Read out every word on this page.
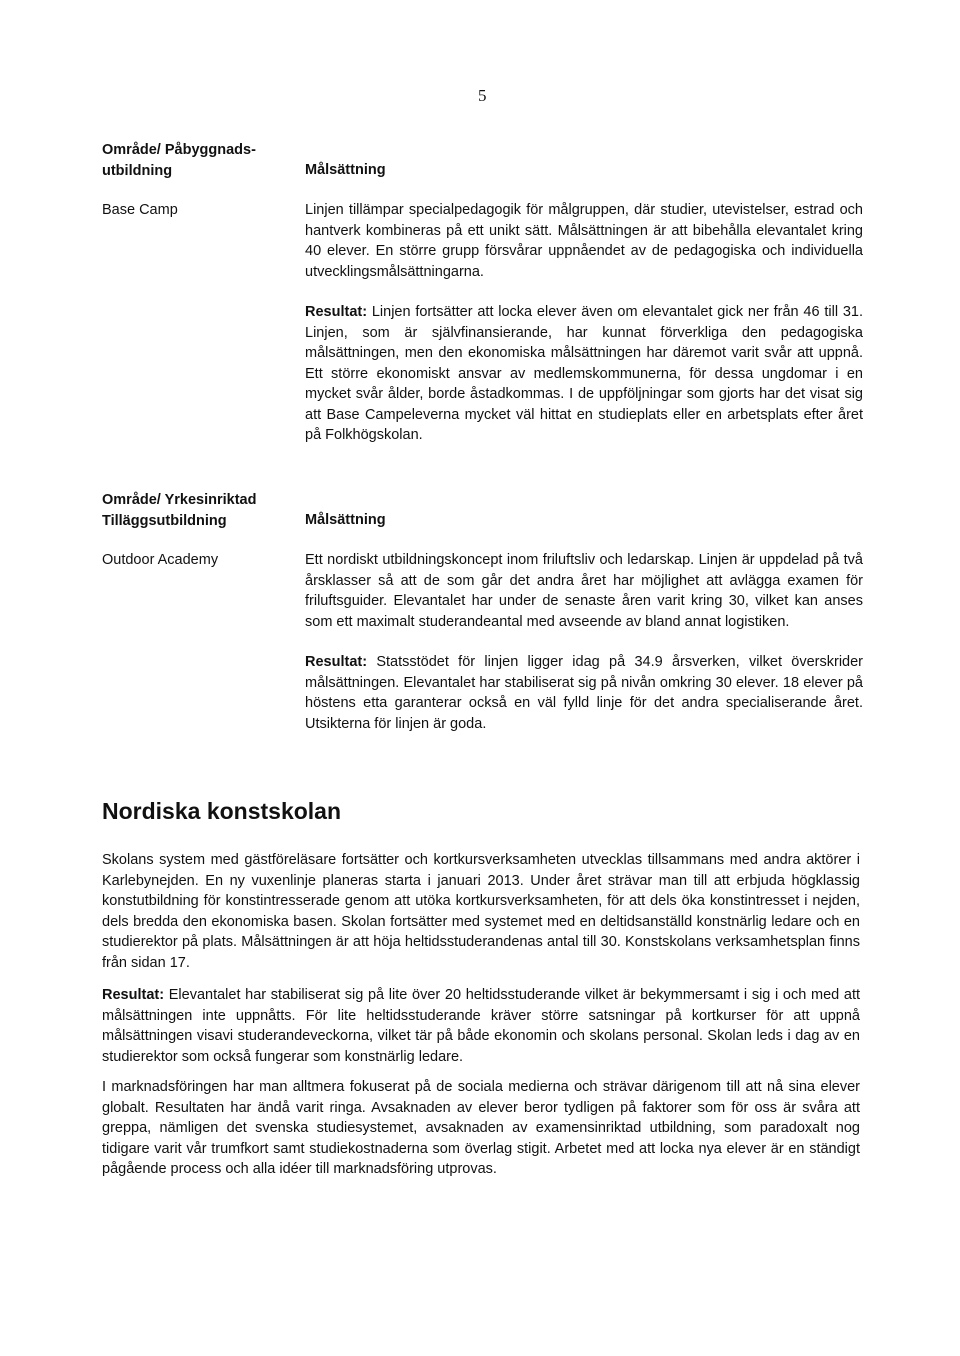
5
Område/ Påbyggnads-utbildning	Målsättning
Base Camp	Linjen tillämpar specialpedagogik för målgruppen, där studier, utevistelser, estrad och hantverk kombineras på ett unikt sätt. Målsättningen är att bibehålla elevantalet kring 40 elever. En större grupp försvårar uppnåendet av de pedagogiska och individuella utvecklingsmålsättningarna.

Resultat: Linjen fortsätter att locka elever även om elevantalet gick ner från 46 till 31. Linjen, som är självfinansierande, har kunnat förverkliga den pedagogiska målsättningen, men den ekonomiska målsättningen har däremot varit svår att uppnå. Ett större ekonomiskt ansvar av medlemskommunerna, för dessa ungdomar i en mycket svår ålder, borde åstadkommas. I de uppföljningar som gjorts har det visat sig att Base Campeleverna mycket väl hittat en studieplats eller en arbetsplats efter året på Folkhögskolan.

Område/ Yrkesinriktad Tilläggsutbildning	Målsättning
Outdoor Academy	Ett nordiskt utbildningskoncept inom friluftsliv och ledarskap. Linjen är uppdelad på två årsklasser så att de som går det andra året har möjlighet att avlägga examen för friluftsguider. Elevantalet har under de senaste åren varit kring 30, vilket kan anses som ett maximalt studerandeantal med avseende av bland annat logistiken.

Resultat: Statsstödet för linjen ligger idag på 34.9 årsverken, vilket överskrider målsättningen. Elevantalet har stabiliserat sig på nivån omkring 30 elever. 18 elever på höstens etta garanterar också en väl fylld linje för det andra specialiserande året. Utsikterna för linjen är goda.

Nordiska konstskolan

Skolans system med gästföreläsare fortsätter och kortkursverksamheten utvecklas tillsammans med andra aktörer i Karlebynejden. En ny vuxenlinje planeras starta i januari 2013. Under året strävar man till att erbjuda högklassig konstutbildning för konstintresserade genom att utöka kortkursverksamheten, för att dels öka konstintresset i nejden, dels bredda den ekonomiska basen. Skolan fortsätter med systemet med en deltidsanställd konstnärlig ledare och en studierektor på plats. Målsättningen är att höja heltidsstuderandenas antal till 30. Konstskolans verksamhetsplan finns från sidan 17.

Resultat: Elevantalet har stabiliserat sig på lite över 20 heltidsstuderande vilket är bekymmersamt i sig i och med att målsättningen inte uppnåtts. För lite heltidsstuderande kräver större satsningar på kortkurser för att uppnå målsättningen visavi studerandeveckorna, vilket tär på både ekonomin och skolans personal. Skolan leds i dag av en studierektor som också fungerar som konstnärlig ledare.

I marknadsföringen har man alltmera fokuserat på de sociala medierna och strävar därigenom till att nå sina elever globalt. Resultaten har ändå varit ringa. Avsaknaden av elever beror tydligen på faktorer som för oss är svåra att greppa, nämligen det svenska studiesystemet, avsaknaden av examensinriktad utbildning, som paradoxalt nog tidigare varit vår trumfkort samt studiekostnaderna som överlag stigit. Arbetet med att locka nya elever är en ständigt pågående process och alla idéer till marknadsföring utprovas.
